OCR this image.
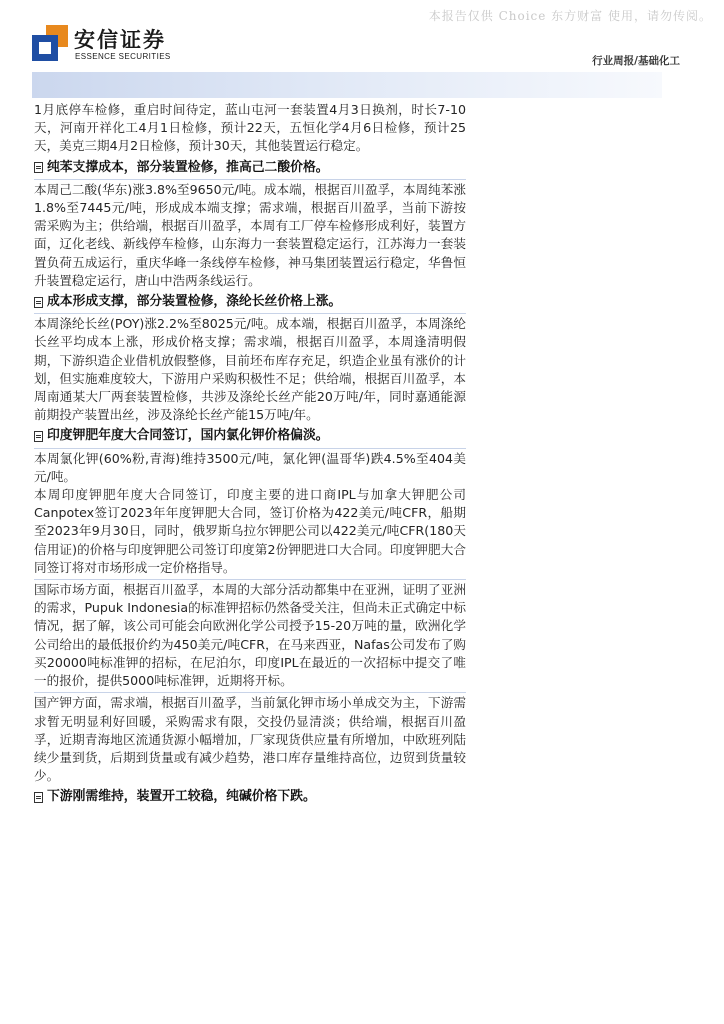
本报告仅供 Choice 东方财富 使用，请勿传阅。
安信证券
ESSENCE SECURITIES	行业周报/基础化工

1月底停车检修，重启时间待定，蓝山屯河一套装置4月3日换剂，时长7-10天，河南开祥化工4月1日检修，预计22天，五恒化学4月6日检修，预计25天，美克三期4月2日检修，预计30天，其他装置运行稳定。

纯苯支撑成本，部分装置检修，推高己二酸价格。

本周己二酸(华东)涨3.8%至9650元/吨。成本端，根据百川盈孚，本周纯苯涨1.8%至7445元/吨，形成成本端支撑；需求端，根据百川盈孚，当前下游按需采购为主；供给端，根据百川盈孚，本周有工厂停车检修形成利好，装置方面，辽化老线、新线停车检修，山东海力一套装置稳定运行，江苏海力一套装置负荷五成运行，重庆华峰一条线停车检修，神马集团装置运行稳定，华鲁恒升装置稳定运行，唐山中浩两条线运行。

成本形成支撑，部分装置检修，涤纶长丝价格上涨。

本周涤纶长丝(POY)涨2.2%至8025元/吨。成本端，根据百川盈孚，本周涤纶长丝平均成本上涨，形成价格支撑；需求端，根据百川盈孚，本周逢清明假期，下游织造企业借机放假整修，目前坯布库存充足，织造企业虽有涨价的计划，但实施难度较大，下游用户采购积极性不足；供给端，根据百川盈孚，本周南通某大厂两套装置检修，共涉及涤纶长丝产能20万吨/年，同时嘉通能源前期投产装置出丝，涉及涤纶长丝产能15万吨/年。

印度钾肥年度大合同签订，国内氯化钾价格偏淡。

本周氯化钾(60%粉,青海)维持3500元/吨，氯化钾(温哥华)跌4.5%至404美元/吨。

本周印度钾肥年度大合同签订，印度主要的进口商IPL与加拿大钾肥公司Canpotex签订2023年年度钾肥大合同，签订价格为422美元/吨CFR，船期至2023年9月30日，同时，俄罗斯乌拉尔钾肥公司以422美元/吨CFR(180天信用证)的价格与印度钾肥公司签订印度第2份钾肥进口大合同。印度钾肥大合同签订将对市场形成一定价格指导。

国际市场方面，根据百川盈孚，本周的大部分活动都集中在亚洲，证明了亚洲的需求，Pupuk Indonesia的标准钾招标仍然备受关注，但尚未正式确定中标情况，据了解，该公司可能会向欧洲化学公司授予15-20万吨的量，欧洲化学公司给出的最低报价约为450美元/吨CFR，在马来西亚，Nafas公司发布了购买20000吨标准钾的招标，在尼泊尔，印度IPL在最近的一次招标中提交了唯一的报价，提供5000吨标准钾，近期将开标。

国产钾方面，需求端，根据百川盈孚，当前氯化钾市场小单成交为主，下游需求暂无明显利好回暖，采购需求有限，交投仍显清淡；供给端，根据百川盈孚，近期青海地区流通货源小幅增加，厂家现货供应量有所增加，中欧班列陆续少量到货，后期到货量或有减少趋势，港口库存量维持高位，边贸到货量较少。

下游刚需维持，装置开工较稳，纯碱价格下跌。
